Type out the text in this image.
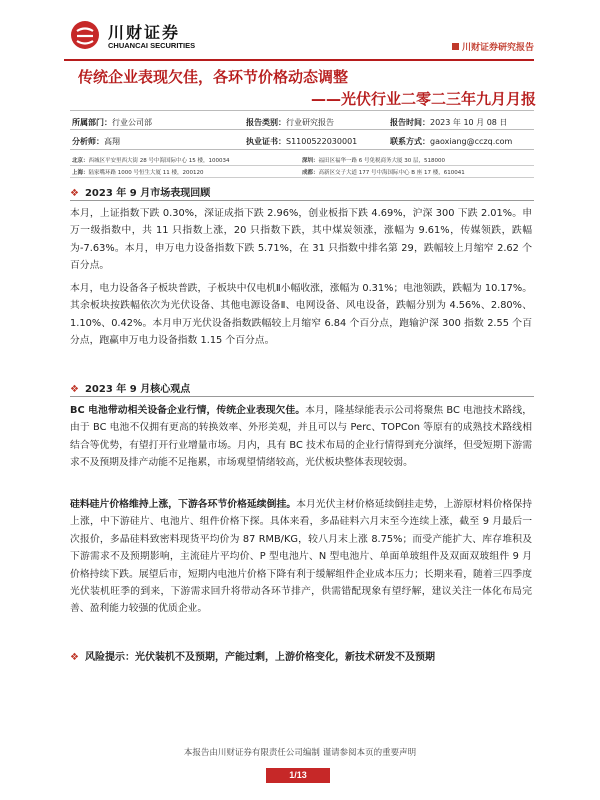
川财证券
CHUANCAI SECURITIES	川财证券研究报告
传统企业表现欠佳，各环节价格动态调整
——光伏行业二零二三年九月月报
所属部门：行业公司部	报告类别：行业研究报告	报告时间：2023 年 10 月 08 日
分析师：高翔	执业证书：S1100522030001	联系方式：gaoxiang@cczq.com
北京： 西城区平安里西大街 28 号中海国际中心 15 楼，100034	深圳： 福田区福华一路 6 号免税商务大厦 30 层，518000
上海： 陆家嘴环路 1000 号恒生大厦 11 楼，200120	成都： 高新区交子大道 177 号中海国际中心 B 座 17 楼，610041
❖ 2023 年 9 月市场表现回顾

本月，上证指数下跌 0.30%，深证成指下跌 2.96%，创业板指下跌 4.69%，沪深 300 下跌 2.01%。申万一级指数中，共 11 只指数上涨，20 只指数下跌，其中煤炭领涨，涨幅为 9.61%，传媒领跌，跌幅为-7.63%。本月，申万电力设备指数下跌 5.71%，在 31 只指数中排名第 29，跌幅较上月缩窄 2.62 个百分点。

本月，电力设备各子板块普跌，子板块中仅电机Ⅱ小幅收涨，涨幅为 0.31%；电池领跌，跌幅为 10.17%。其余板块按跌幅依次为光伏设备、其他电源设备Ⅱ、电网设备、风电设备，跌幅分别为 4.56%、2.80%、1.10%、0.42%。本月申万光伏设备指数跌幅较上月缩窄 6.84 个百分点，跑输沪深 300 指数 2.55 个百分点，跑赢申万电力设备指数 1.15 个百分点。

❖ 2023 年 9 月核心观点

BC 电池带动相关设备企业行情，传统企业表现欠佳。本月，隆基绿能表示公司将聚焦 BC 电池技术路线，由于 BC 电池不仅拥有更高的转换效率、外形美观，并且可以与 Perc、TOPCon 等原有的成熟技术路线相结合等优势，有望打开行业增量市场。月内，具有 BC 技术布局的企业行情得到充分演绎，但受短期下游需求不及预期及排产动能不足拖累，市场观望情绪较高，光伏板块整体表现较弱。

硅料硅片价格维持上涨，下游各环节价格延续倒挂。本月光伏主材价格延续倒挂走势，上游原材料价格保持上涨，中下游硅片、电池片、组件价格下探。具体来看，多晶硅料六月末至今连续上涨，截至 9 月最后一次报价，多晶硅料致密料现货平均价为 87 RMB/KG，较八月末上涨 8.75%；而受产能扩大、库存堆积及下游需求不及预期影响，主流硅片平均价、P 型电池片、N 型电池片、单面单玻组件及双面双玻组件 9 月价格持续下跌。展望后市，短期内电池片价格下降有利于缓解组件企业成本压力；长期来看，随着三四季度光伏装机旺季的到来，下游需求回升将带动各环节排产，供需错配现象有望纾解，建议关注一体化布局完善、盈利能力较强的优质企业。

❖ 风险提示：光伏装机不及预期，产能过剩，上游价格变化，新技术研发不及预期
本报告由川财证券有限责任公司编制 谨请参阅本页的重要声明
1/13
